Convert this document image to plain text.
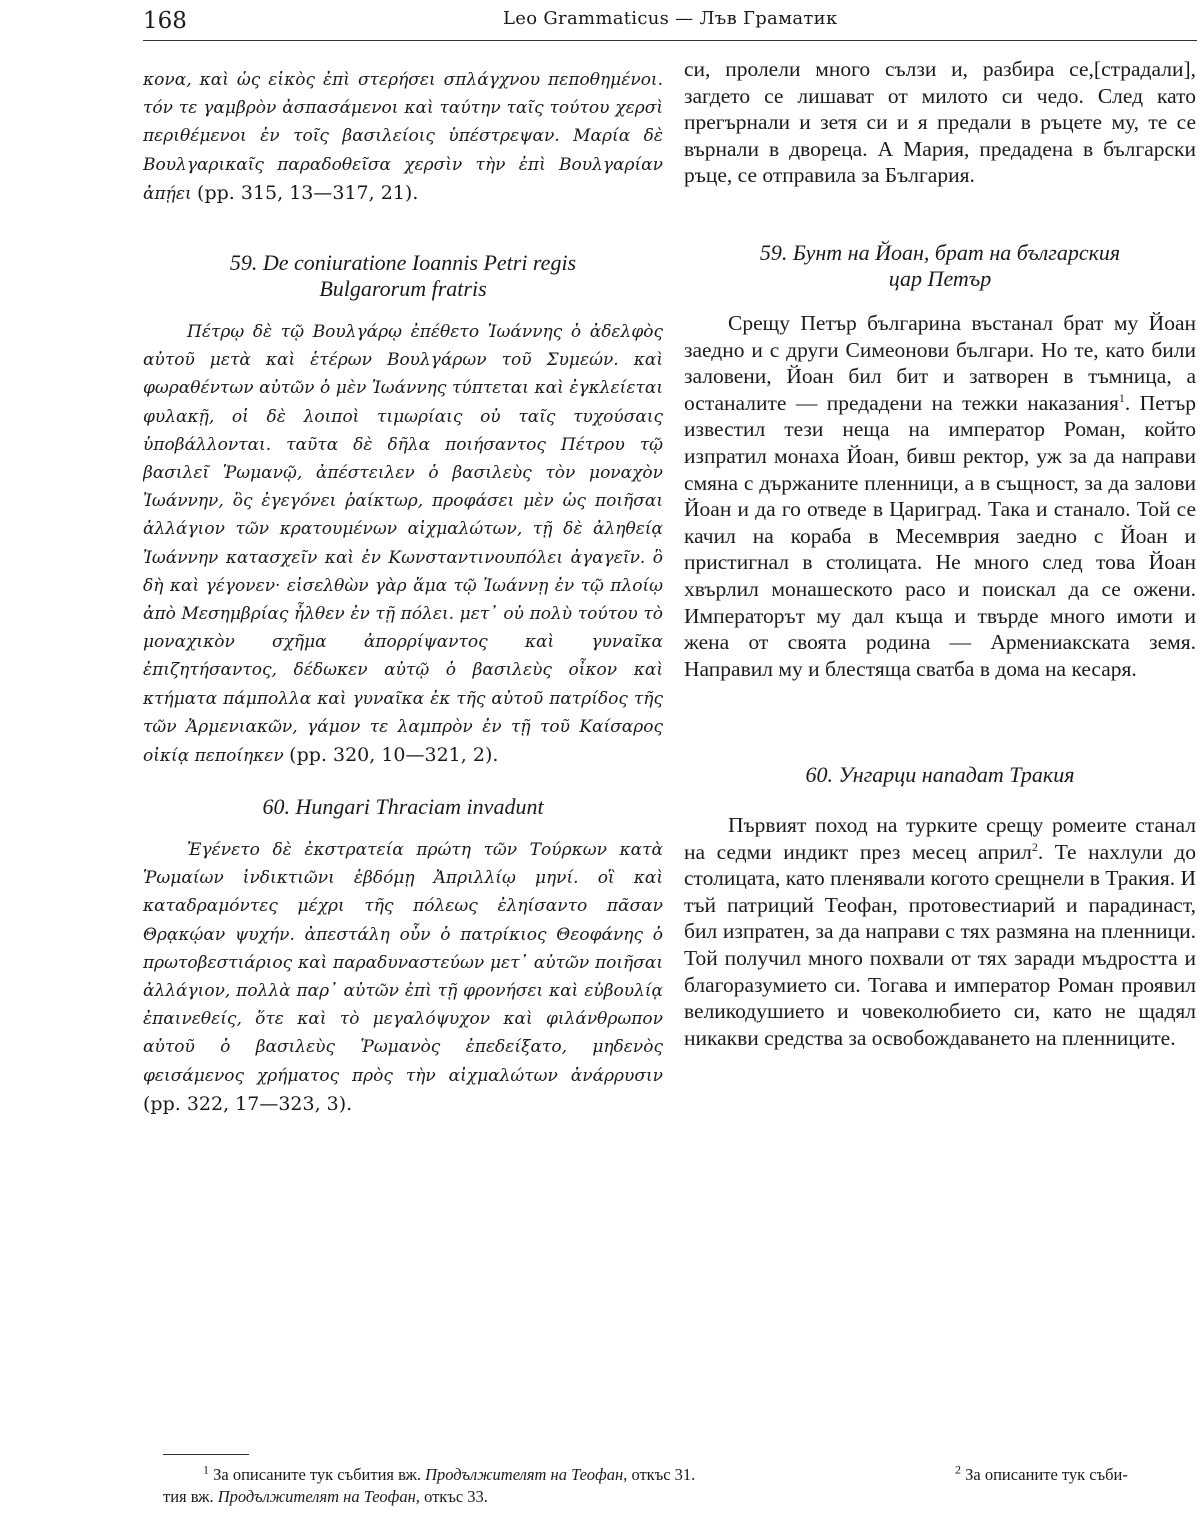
168	Leo Grammaticus — Лъв Граматик

κονα, καὶ ὡς εἰκὸς ἐπὶ στερήσει σπλάγχνου πεποθημένοι. τόν τε γαμβρὸν ἀσπασάμενοι καὶ ταύτην ταῖς τούτου χερσὶ περιθέμενοι ἐν τοῖς βασιλείοις ὑπέστρεψαν. Μαρία δὲ Βουλγαρικαῖς παραδοθεῖσα χερσὶν τὴν ἐπὶ Βουλγαρίαν ἀπῄει (pp. 315, 13—317, 21).

59. De coniuratione Ioannis Petri regis

Bulgarorum fratris

Πέτρῳ δὲ τῷ Βουλγάρῳ ἐπέθετο Ἰωάννης ὁ ἀδελφὸς αὐτοῦ μετὰ καὶ ἑτέρων Βουλγάρων τοῦ Συμεών. καὶ φωραθέντων αὐτῶν ὁ μὲν Ἰωάννης τύπτεται καὶ ἐγκλείεται φυλακῇ, οἱ δὲ λοιποὶ τιμωρίαις οὐ ταῖς τυχούσαις ὑποβάλλονται. ταῦτα δὲ δῆλα ποιήσαντος Πέτρου τῷ βασιλεῖ Ῥωμανῷ, ἀπέστειλεν ὁ βασιλεὺς τὸν μοναχὸν Ἰωάννην, ὃς ἐγεγόνει ῥαίκτωρ, προφάσει μὲν ὡς ποιῆσαι ἀλλάγιον τῶν κρατουμένων αἰχμαλώτων, τῇ δὲ ἀληθείᾳ Ἰωάννην κατασχεῖν καὶ ἐν Κωνσταντινουπόλει ἀγαγεῖν. ὃ δὴ καὶ γέγονεν· εἰσελθὼν γὰρ ἅμα τῷ Ἰωάννῃ ἐν τῷ πλοίῳ ἀπὸ Μεσημβρίας ἦλθεν ἐν τῇ πόλει. μετ᾿ οὐ πολὺ τούτου τὸ μοναχικὸν σχῆμα ἀπορρίψαντος καὶ γυναῖκα ἐπιζητήσαντος, δέδωκεν αὐτῷ ὁ βασιλεὺς οἶκον καὶ κτήματα πάμπολλα καὶ γυναῖκα ἐκ τῆς αὐτοῦ πατρίδος τῆς τῶν Ἀρμενιακῶν, γάμον τε λαμπρὸν ἐν τῇ τοῦ Καίσαρος οἰκίᾳ πεποίηκεν (pp. 320, 10—321, 2).

60. Hungari Thraciam invadunt

Ἐγένετο δὲ ἐκστρατεία πρώτη τῶν Τούρκων κατὰ Ῥωμαίων ἰνδικτιῶνι ἑβδόμῃ Ἀπριλλίῳ μηνί. οἳ καὶ καταδραμόντες μέχρι τῆς πόλεως ἐληίσαντο πᾶσαν Θρᾳκῴαν ψυχήν. ἀπεστάλη οὖν ὁ πατρίκιος Θεοφάνης ὁ πρωτοβεστιάριος καὶ παραδυναστεύων μετ᾿ αὐτῶν ποιῆσαι ἀλλάγιον, πολλὰ παρ᾿ αὐτῶν ἐπὶ τῇ φρονήσει καὶ εὐβουλίᾳ ἐπαινεθείς, ὅτε καὶ τὸ μεγαλόψυχον καὶ φιλάνθρωπον αὐτοῦ ὁ βασιλεὺς Ῥωμανὸς ἐπεδείξατο, μηδενὸς φεισάμενος χρήματος πρὸς τὴν αἰχμαλώτων ἀνάρρυσιν (pp. 322, 17—323, 3).

си, пролели много сълзи и, разбира се,[страдали], загдето се лишават от милото си чедо. След като прегърнали и зетя си и я предали в ръцете му, те се върнали в двореца. А Мария, предадена в български ръце, се отправила за България.

59. Бунт на Йоан, брат на българския

цар Петър

Срещу Петър българина въстанал брат му Йоан заедно и с други Симеонови българи. Но те, като били заловени, Йоан бил бит и затворен в тъмница, а останалите — предадени на тежки наказания$^1$. Петър известил тези неща на император Роман, който изпратил монаха Йоан, бивш ректор, уж за да направи смяна с държаните пленници, а в същност, за да залови Йоан и да го отведе в Цариград. Така и станало. Той се качил на кораба в Месемврия заедно с Йоан и пристигнал в столицата. Не много след това Йоан хвърлил монашеското расо и поискал да се ожени. Императорът му дал къща и твърде много имоти и жена от своята родина — Армениакската земя. Направил му и блестяща сватба в дома на кесаря.

60. Унгарци нападат Тракия

Първият поход на турките срещу ромеите станал на седми индикт през месец април$^2$. Те нахлули до столицата, като пленявали когото срещнели в Тракия. И тъй патриций Теофан, протовестиарий и парадинаст, бил изпратен, за да направи с тях размяна на пленници. Той получил много похвали от тях заради мъдростта и благоразумието си. Тогава и император Роман проявил великодушието и човеколюбието си, като не щадял никакви средства за освобождаването на пленниците.

$^1$ За описаните тук събития вж. Продължителят на Теофан, откъс 31.	$^2$ За описаните тук съби-
тия вж. Продължителят на Теофан, откъс 33.
